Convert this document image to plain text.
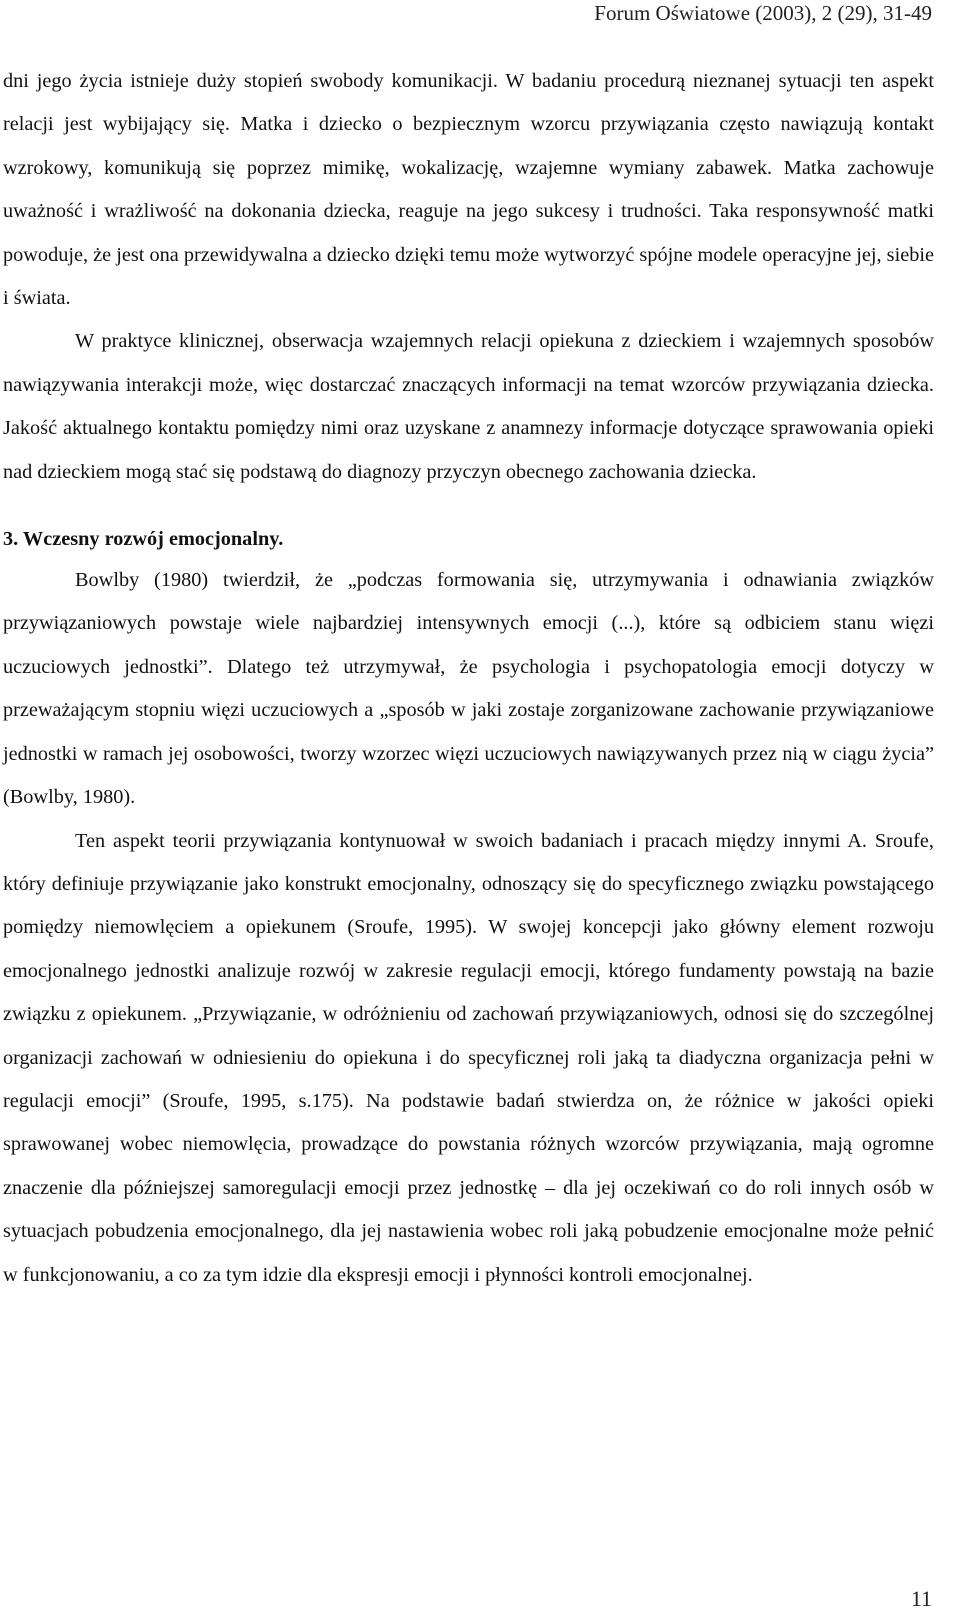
Forum Oświatowe (2003), 2 (29), 31-49

dni jego życia istnieje duży stopień swobody komunikacji. W badaniu procedurą nieznanej sytuacji ten aspekt relacji jest wybijający się. Matka i dziecko o bezpiecznym wzorcu przywiązania często nawiązują kontakt wzrokowy, komunikują się poprzez mimikę, wokalizację, wzajemne wymiany zabawek. Matka zachowuje uważność i wrażliwość na dokonania dziecka, reaguje na jego sukcesy i trudności. Taka responsywność matki powoduje, że jest ona przewidywalna a dziecko dzięki temu może wytworzyć spójne modele operacyjne jej, siebie i świata.

W praktyce klinicznej, obserwacja wzajemnych relacji opiekuna z dzieckiem i wzajemnych sposobów nawiązywania interakcji może, więc dostarczać znaczących informacji na temat wzorców przywiązania dziecka. Jakość aktualnego kontaktu pomiędzy nimi oraz uzyskane z anamnezy informacje dotyczące sprawowania opieki nad dzieckiem mogą stać się podstawą do diagnozy przyczyn obecnego zachowania dziecka.

3. Wczesny rozwój emocjonalny.

Bowlby (1980) twierdził, że „podczas formowania się, utrzymywania i odnawiania związków przywiązaniowych powstaje wiele najbardziej intensywnych emocji (...), które są odbiciem stanu więzi uczuciowych jednostki”. Dlatego też utrzymywał, że psychologia i psychopatologia emocji dotyczy w przeważającym stopniu więzi uczuciowych a „sposób w jaki zostaje zorganizowane zachowanie przywiązaniowe jednostki w ramach jej osobowości, tworzy wzorzec więzi uczuciowych nawiązywanych przez nią w ciągu życia” (Bowlby, 1980).

Ten aspekt teorii przywiązania kontynuował w swoich badaniach i pracach między innymi A. Sroufe, który definiuje przywiązanie jako konstrukt emocjonalny, odnoszący się do specyficznego związku powstającego pomiędzy niemowlęciem a opiekunem (Sroufe, 1995). W swojej koncepcji jako główny element rozwoju emocjonalnego jednostki analizuje rozwój w zakresie regulacji emocji, którego fundamenty powstają na bazie związku z opiekunem. „Przywiązanie, w odróżnieniu od zachowań przywiązaniowych, odnosi się do szczególnej organizacji zachowań w odniesieniu do opiekuna i do specyficznej roli jaką ta diadyczna organizacja pełni w regulacji emocji” (Sroufe, 1995, s.175). Na podstawie badań stwierdza on, że różnice w jakości opieki sprawowanej wobec niemowlęcia, prowadzące do powstania różnych wzorców przywiązania, mają ogromne znaczenie dla późniejszej samoregulacji emocji przez jednostkę – dla jej oczekiwań co do roli innych osób w sytuacjach pobudzenia emocjonalnego, dla jej nastawienia wobec roli jaką pobudzenie emocjonalne może pełnić w funkcjonowaniu, a co za tym idzie dla ekspresji emocji i płynności kontroli emocjonalnej.

11
